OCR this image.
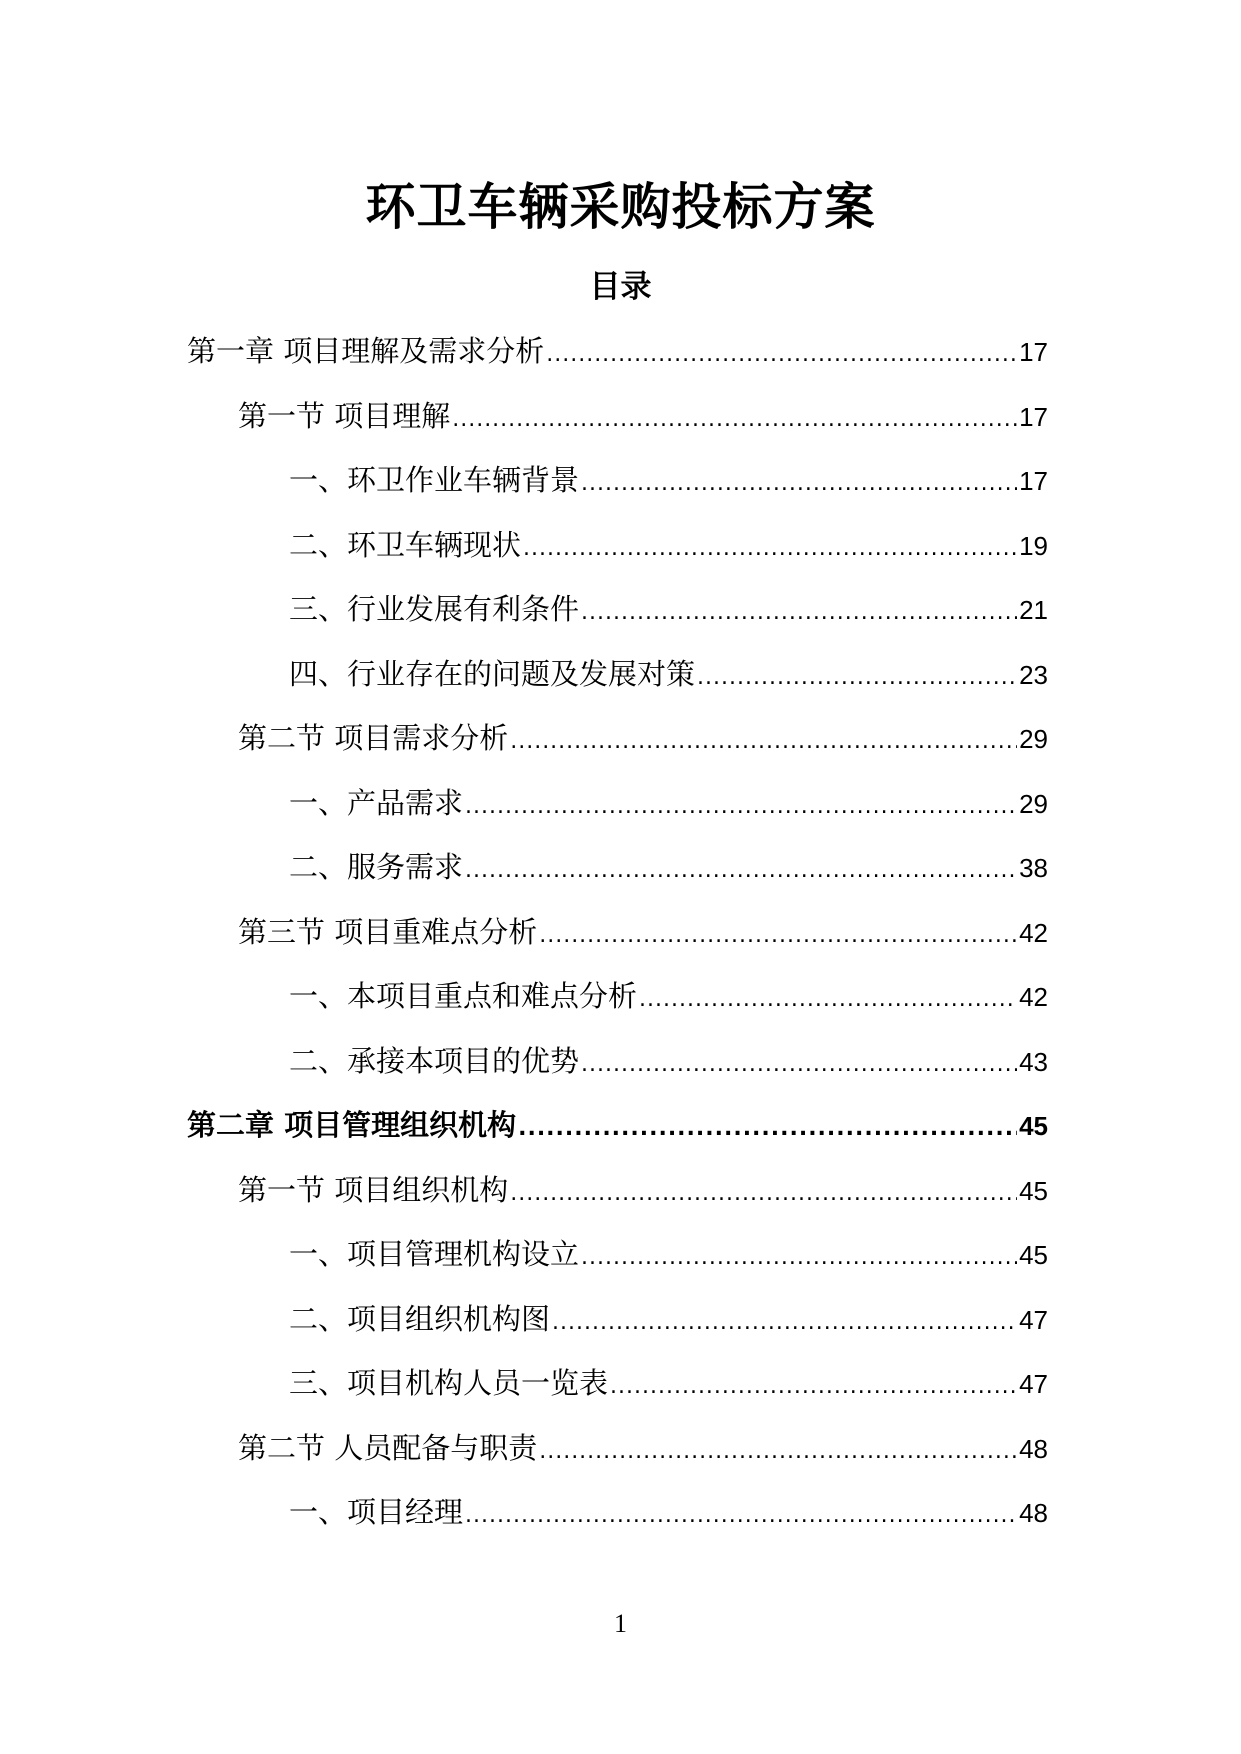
环卫车辆采购投标方案
目录
第一章 项目理解及需求分析 .....	17
第一节 项目理解 .....	17
一、环卫作业车辆背景 .....	17
二、环卫车辆现状 .....	19
三、行业发展有利条件 .....	21
四、行业存在的问题及发展对策 .....	23
第二节 项目需求分析 .....	29
一、产品需求 .....	29
二、服务需求 .....	38
第三节 项目重难点分析 .....	42
一、本项目重点和难点分析 .....	42
二、承接本项目的优势 .....	43
第二章 项目管理组织机构 .....	45
第一节 项目组织机构 .....	45
一、项目管理机构设立 .....	45
二、项目组织机构图 .....	47
三、项目机构人员一览表 .....	47
第二节 人员配备与职责 .....	48
一、项目经理 .....	48
1
